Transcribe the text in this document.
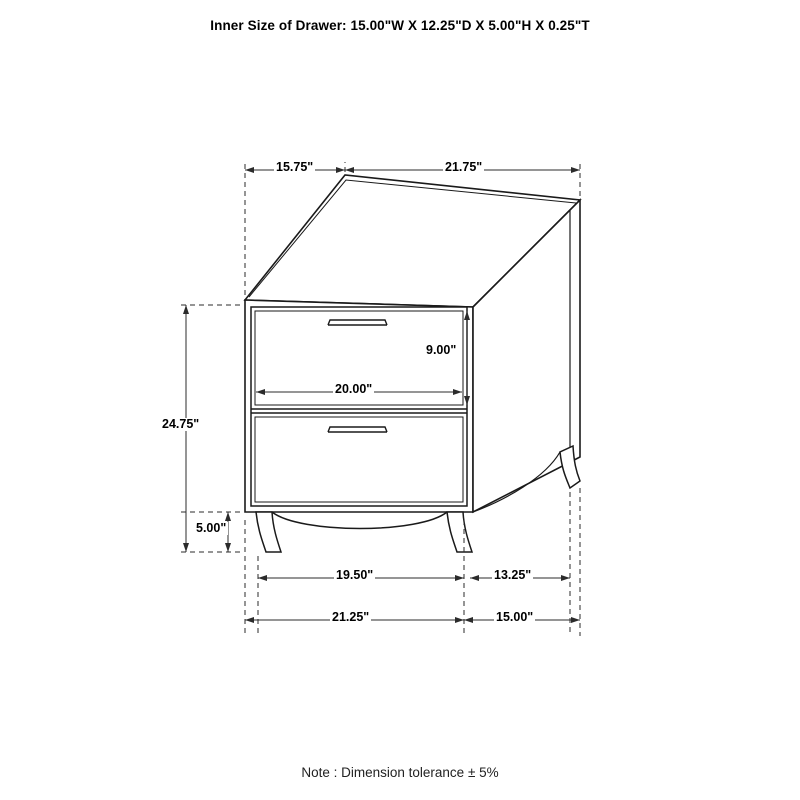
Inner Size of Drawer: 15.00"W X 12.25"D X 5.00"H X 0.25"T
15.75"	21.75"
9.00"
20.00"
24.75"
5.00"
19.50"	13.25"
21.25"	15.00"
Note : Dimension tolerance ± 5%
